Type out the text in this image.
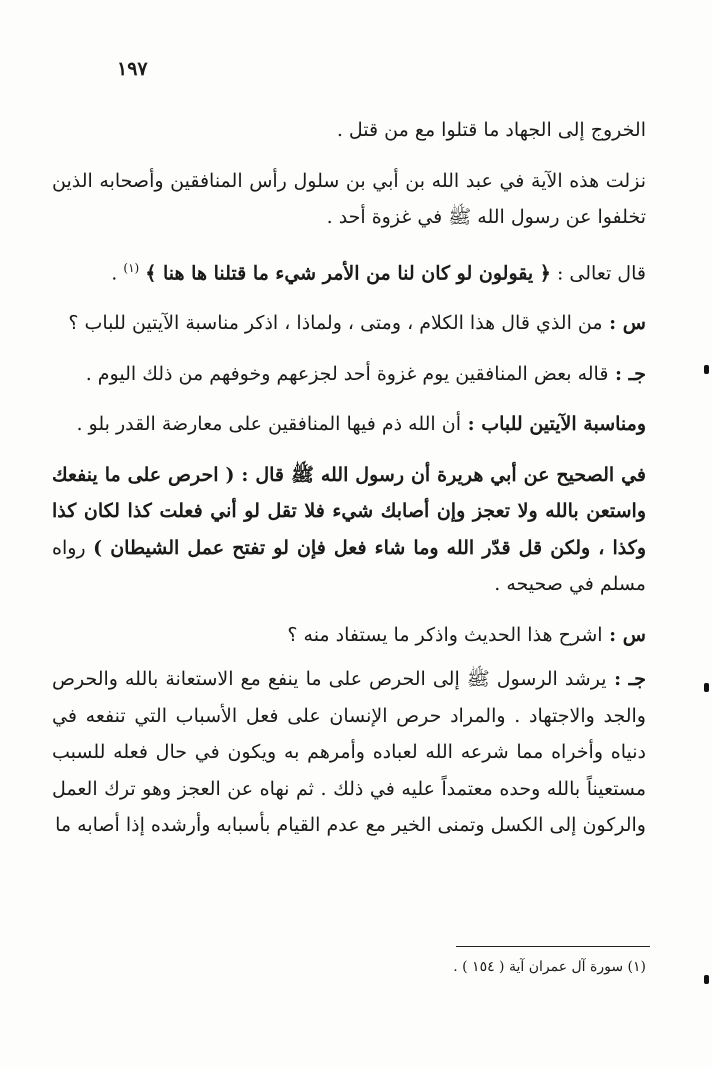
١٩٧

الخروج إلى الجهاد ما قتلوا مع من قتل .

نزلت هذه الآية في عبد الله بن أبي بن سلول رأس المنافقين وأصحابه الذين تخلفوا عن رسول الله ﷺ في غزوة أحد .

قال تعالى : ﴿ يقولون لو كان لنا من الأمر شيء ما قتلنا ها هنا ﴾ $^{(١)}$ .

س : من الذي قال هذا الكلام ، ومتى ، ولماذا ، اذكر مناسبة الآيتين للباب ؟

جـ : قاله بعض المنافقين يوم غزوة أحد لجزعهم وخوفهم من ذلك اليوم .

ومناسبة الآيتين للباب : أن الله ذم فيها المنافقين على معارضة القدر بلو .

في الصحيح عن أبي هريرة أن رسول الله ﷺ قال : ( احرص على ما ينفعك واستعن بالله ولا تعجز وإن أصابك شيء فلا تقل لو أني فعلت كذا لكان كذا وكذا ، ولكن قل قدّر الله وما شاء فعل فإن لو تفتح عمل الشيطان ) رواه مسلم في صحيحه .

س : اشرح هذا الحديث واذكر ما يستفاد منه ؟

جـ : يرشد الرسول ﷺ إلى الحرص على ما ينفع مع الاستعانة بالله والحرص والجد والاجتهاد . والمراد حرص الإنسان على فعل الأسباب التي تنفعه في دنياه وأخراه مما شرعه الله لعباده وأمرهم به ويكون في حال فعله للسبب مستعيناً بالله وحده معتمداً عليه في ذلك . ثم نهاه عن العجز وهو ترك العمل والركون إلى الكسل وتمنى الخير مع عدم القيام بأسبابه وأرشده إذا أصابه ما

(١) سورة آل عمران آية ( ١٥٤ ) .
